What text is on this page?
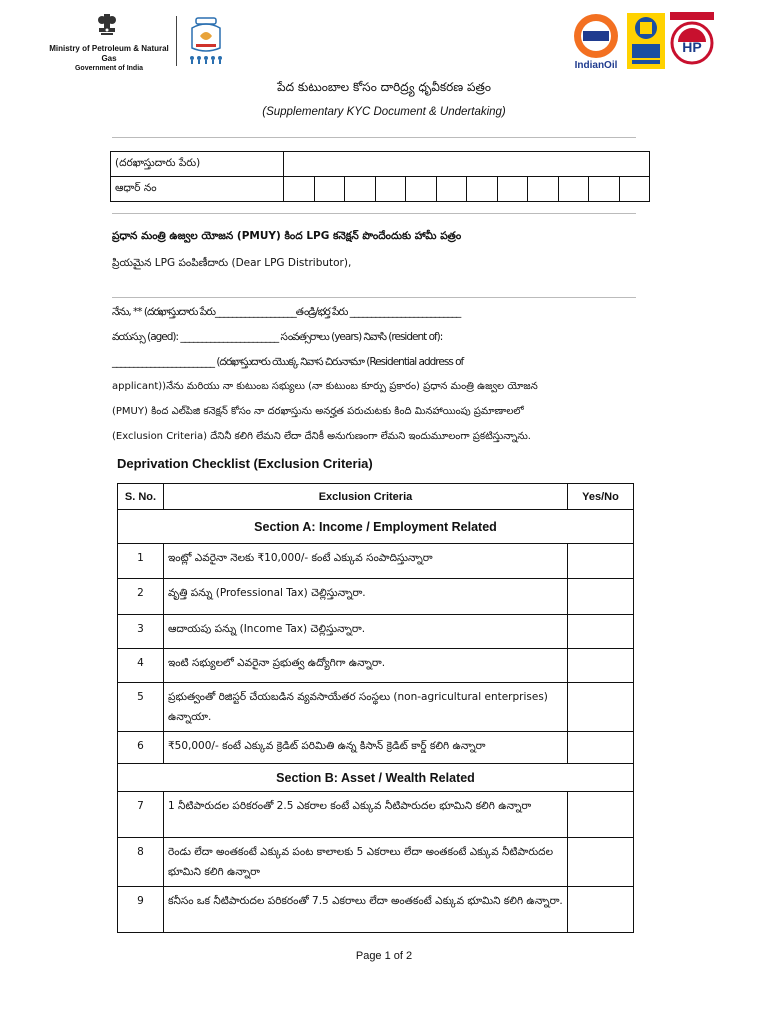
Ministry of Petroleum & Natural Gas
Government of India	IndianOil
HP
పేద కుటుంబాల కోసం దారిద్ర్య ధృవీకరణ పత్రం
(Supplementary KYC Document & Undertaking)
(దరఖాస్తుదారు పేరు)												
ఆధార్ నం												
ప్రధాన మంత్రి ఉజ్వల యోజన (PMUY) కింద LPG కనెక్షన్ పొందేందుకు హామీ పత్రం
ప్రియమైన LPG పంపిణీదారు (Dear LPG Distributor),
నేను, ** (దరఖాస్తుదారు పేరు___________________తండ్రి/భర్త పేరు __________________________
వయస్సు (aged): _______________________ సంవత్సరాలు (years) నివాసి (resident of):
________________________ (దరఖాస్తుదారు యొక్క నివాస చిరునామా (Residential address of
applicant))నేను మరియు నా కుటుంబ సభ్యులు (నా కుటుంబ కూర్పు ప్రకారం) ప్రధాన మంత్రి ఉజ్వల యోజన
(PMUY) కింద ఎల్‌పిజి కనెక్షన్ కోసం నా దరఖాస్తును అనర్హత పరుచుటకు కింది మినహాయింపు ప్రమాణాలలో
(Exclusion Criteria) దేనినీ కలిగి లేమని లేదా దేనికీ అనుగుణంగా లేమని ఇందుమూలంగా ప్రకటిస్తున్నాను.
Deprivation Checklist (Exclusion Criteria)
S. No.	Exclusion Criteria	Yes/No
Section A: Income / Employment Related		
1	ఇంట్లో ఎవరైనా నెలకు ₹10,000/- కంటే ఎక్కువ సంపాదిస్తున్నారా	
2	వృత్తి పన్ను (Professional Tax) చెల్లిస్తున్నారా.	
3	ఆదాయపు పన్ను (Income Tax) చెల్లిస్తున్నారా.	
4	ఇంటి సభ్యులలో ఎవరైనా ప్రభుత్వ ఉద్యోగిగా ఉన్నారా.	
5	ప్రభుత్వంతో రిజిస్టర్ చేయబడిన వ్యవసాయేతర సంస్థలు (non-agricultural enterprises) ఉన్నాయా.	
6	₹50,000/- కంటే ఎక్కువ క్రెడిట్ పరిమితి ఉన్న కిసాన్ క్రెడిట్ కార్డ్ కలిగి ఉన్నారా	
Section B: Asset / Wealth Related		
7	1 నీటిపారుదల పరికరంతో 2.5 ఎకరాల కంటే ఎక్కువ నీటిపారుదల భూమిని కలిగి ఉన్నారా	
8	రెండు లేదా అంతకంటే ఎక్కువ పంట కాలాలకు 5 ఎకరాలు లేదా అంతకంటే ఎక్కువ నీటిపారుదల భూమిని కలిగి ఉన్నారా	
9	కనీసం ఒక నీటిపారుదల పరికరంతో 7.5 ఎకరాలు లేదా అంతకంటే ఎక్కువ భూమిని కలిగి ఉన్నారా.	
Page 1 of 2
